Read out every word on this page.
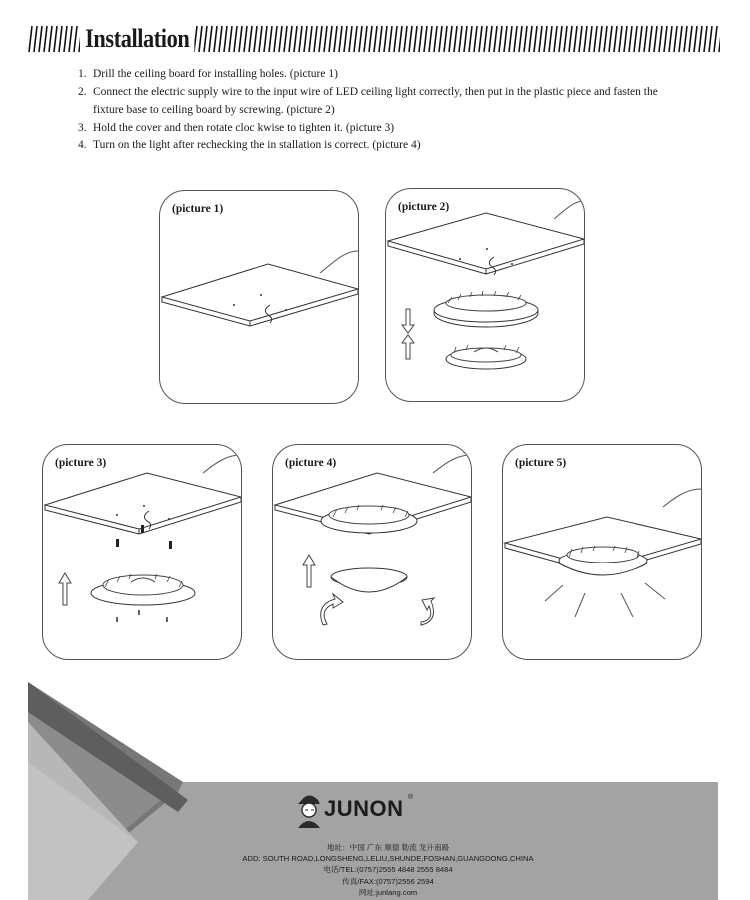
Installation
1. Drill the ceiling board for installing holes. (picture 1)
2. Connect the electric supply wire to the input wire of LED ceiling light correctly, then put in the plastic piece and fasten the
fixture base to ceiling board by screwing. (picture 2)
3. Hold the cover and then rotate cloc kwise to tighten it. (picture 3)
4. Turn on the light after rechecking the in stallation is correct. (picture 4)
(picture 1)	(picture 2)
(picture 3)	(picture 4)	(picture 5)
JUNON ®
地址：中国 广东 顺德 勒流 龙升南路
ADD: SOUTH ROAD,LONGSHENG,LELIU,SHUNDE,FOSHAN,GUANGDONG,CHINA
电话/TEL:(0757)2555 4848 2555 8484
传真/FAX:(0757)2556 2594
网址:junlang.com
